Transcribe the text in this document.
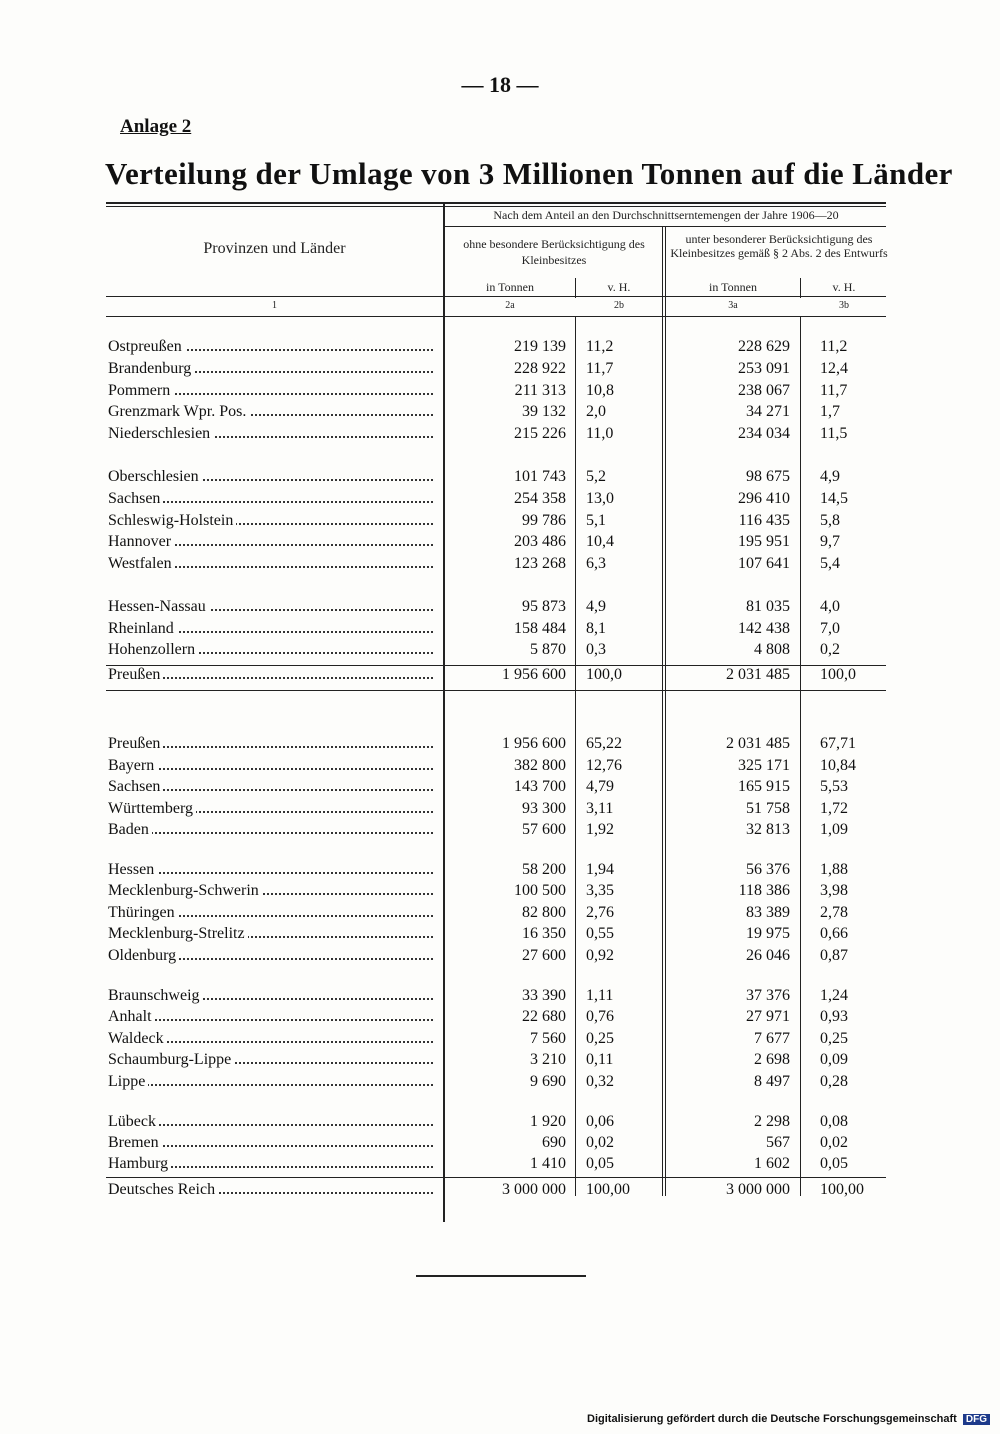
— 18 —
Anlage 2
Verteilung der Umlage von 3 Millionen Tonnen auf die Länder
Provinzen und Länder
Nach dem Anteil an den Durchschnittserntemengen der Jahre 1906—20
ohne besondere Berücksichtigung des Kleinbesitzes
unter besonderer Berücksichtigung des Kleinbesitzes gemäß § 2 Abs. 2 des Entwurfs
in Tonnen	v. H.	in Tonnen	v. H.
1	2a	2b	3a	3b
Ostpreußen	219 139 11,2	228 629 11,2
Brandenburg	228 922 11,7	253 091 12,4
Pommern	211 313 10,8	238 067 11,7
Grenzmark Wpr. Pos.	39 132 2,0	34 271 1,7
Niederschlesien	215 226 11,0	234 034 11,5
Oberschlesien	101 743 5,2	98 675 4,9
Sachsen	254 358 13,0	296 410 14,5
Schleswig-Holstein	99 786 5,1	116 435 5,8
Hannover	203 486 10,4	195 951 9,7
Westfalen	123 268 6,3	107 641 5,4
Hessen-Nassau	95 873 4,9	81 035 4,0
Rheinland	158 484 8,1	142 438 7,0
Hohenzollern	5 870 0,3	4 808 0,2
Preußen	1 956 600 100,0	2 031 485 100,0
Preußen	1 956 600 65,22	2 031 485 67,71
Bayern	382 800 12,76	325 171 10,84
Sachsen	143 700 4,79	165 915 5,53
Württemberg	93 300 3,11	51 758 1,72
Baden	57 600 1,92	32 813 1,09
Hessen	58 200 1,94	56 376 1,88
Mecklenburg-Schwerin	100 500 3,35	118 386 3,98
Thüringen	82 800 2,76	83 389 2,78
Mecklenburg-Strelitz	16 350 0,55	19 975 0,66
Oldenburg	27 600 0,92	26 046 0,87
Braunschweig	33 390 1,11	37 376 1,24
Anhalt	22 680 0,76	27 971 0,93
Waldeck	7 560 0,25	7 677 0,25
Schaumburg-Lippe	3 210 0,11	2 698 0,09
Lippe	9 690 0,32	8 497 0,28
Lübeck	1 920 0,06	2 298 0,08
Bremen	690 0,02	567 0,02
Hamburg	1 410 0,05	1 602 0,05
Deutsches Reich	3 000 000 100,00	3 000 000 100,00
Digitalisierung gefördert durch die Deutsche Forschungsgemeinschaft DFG
